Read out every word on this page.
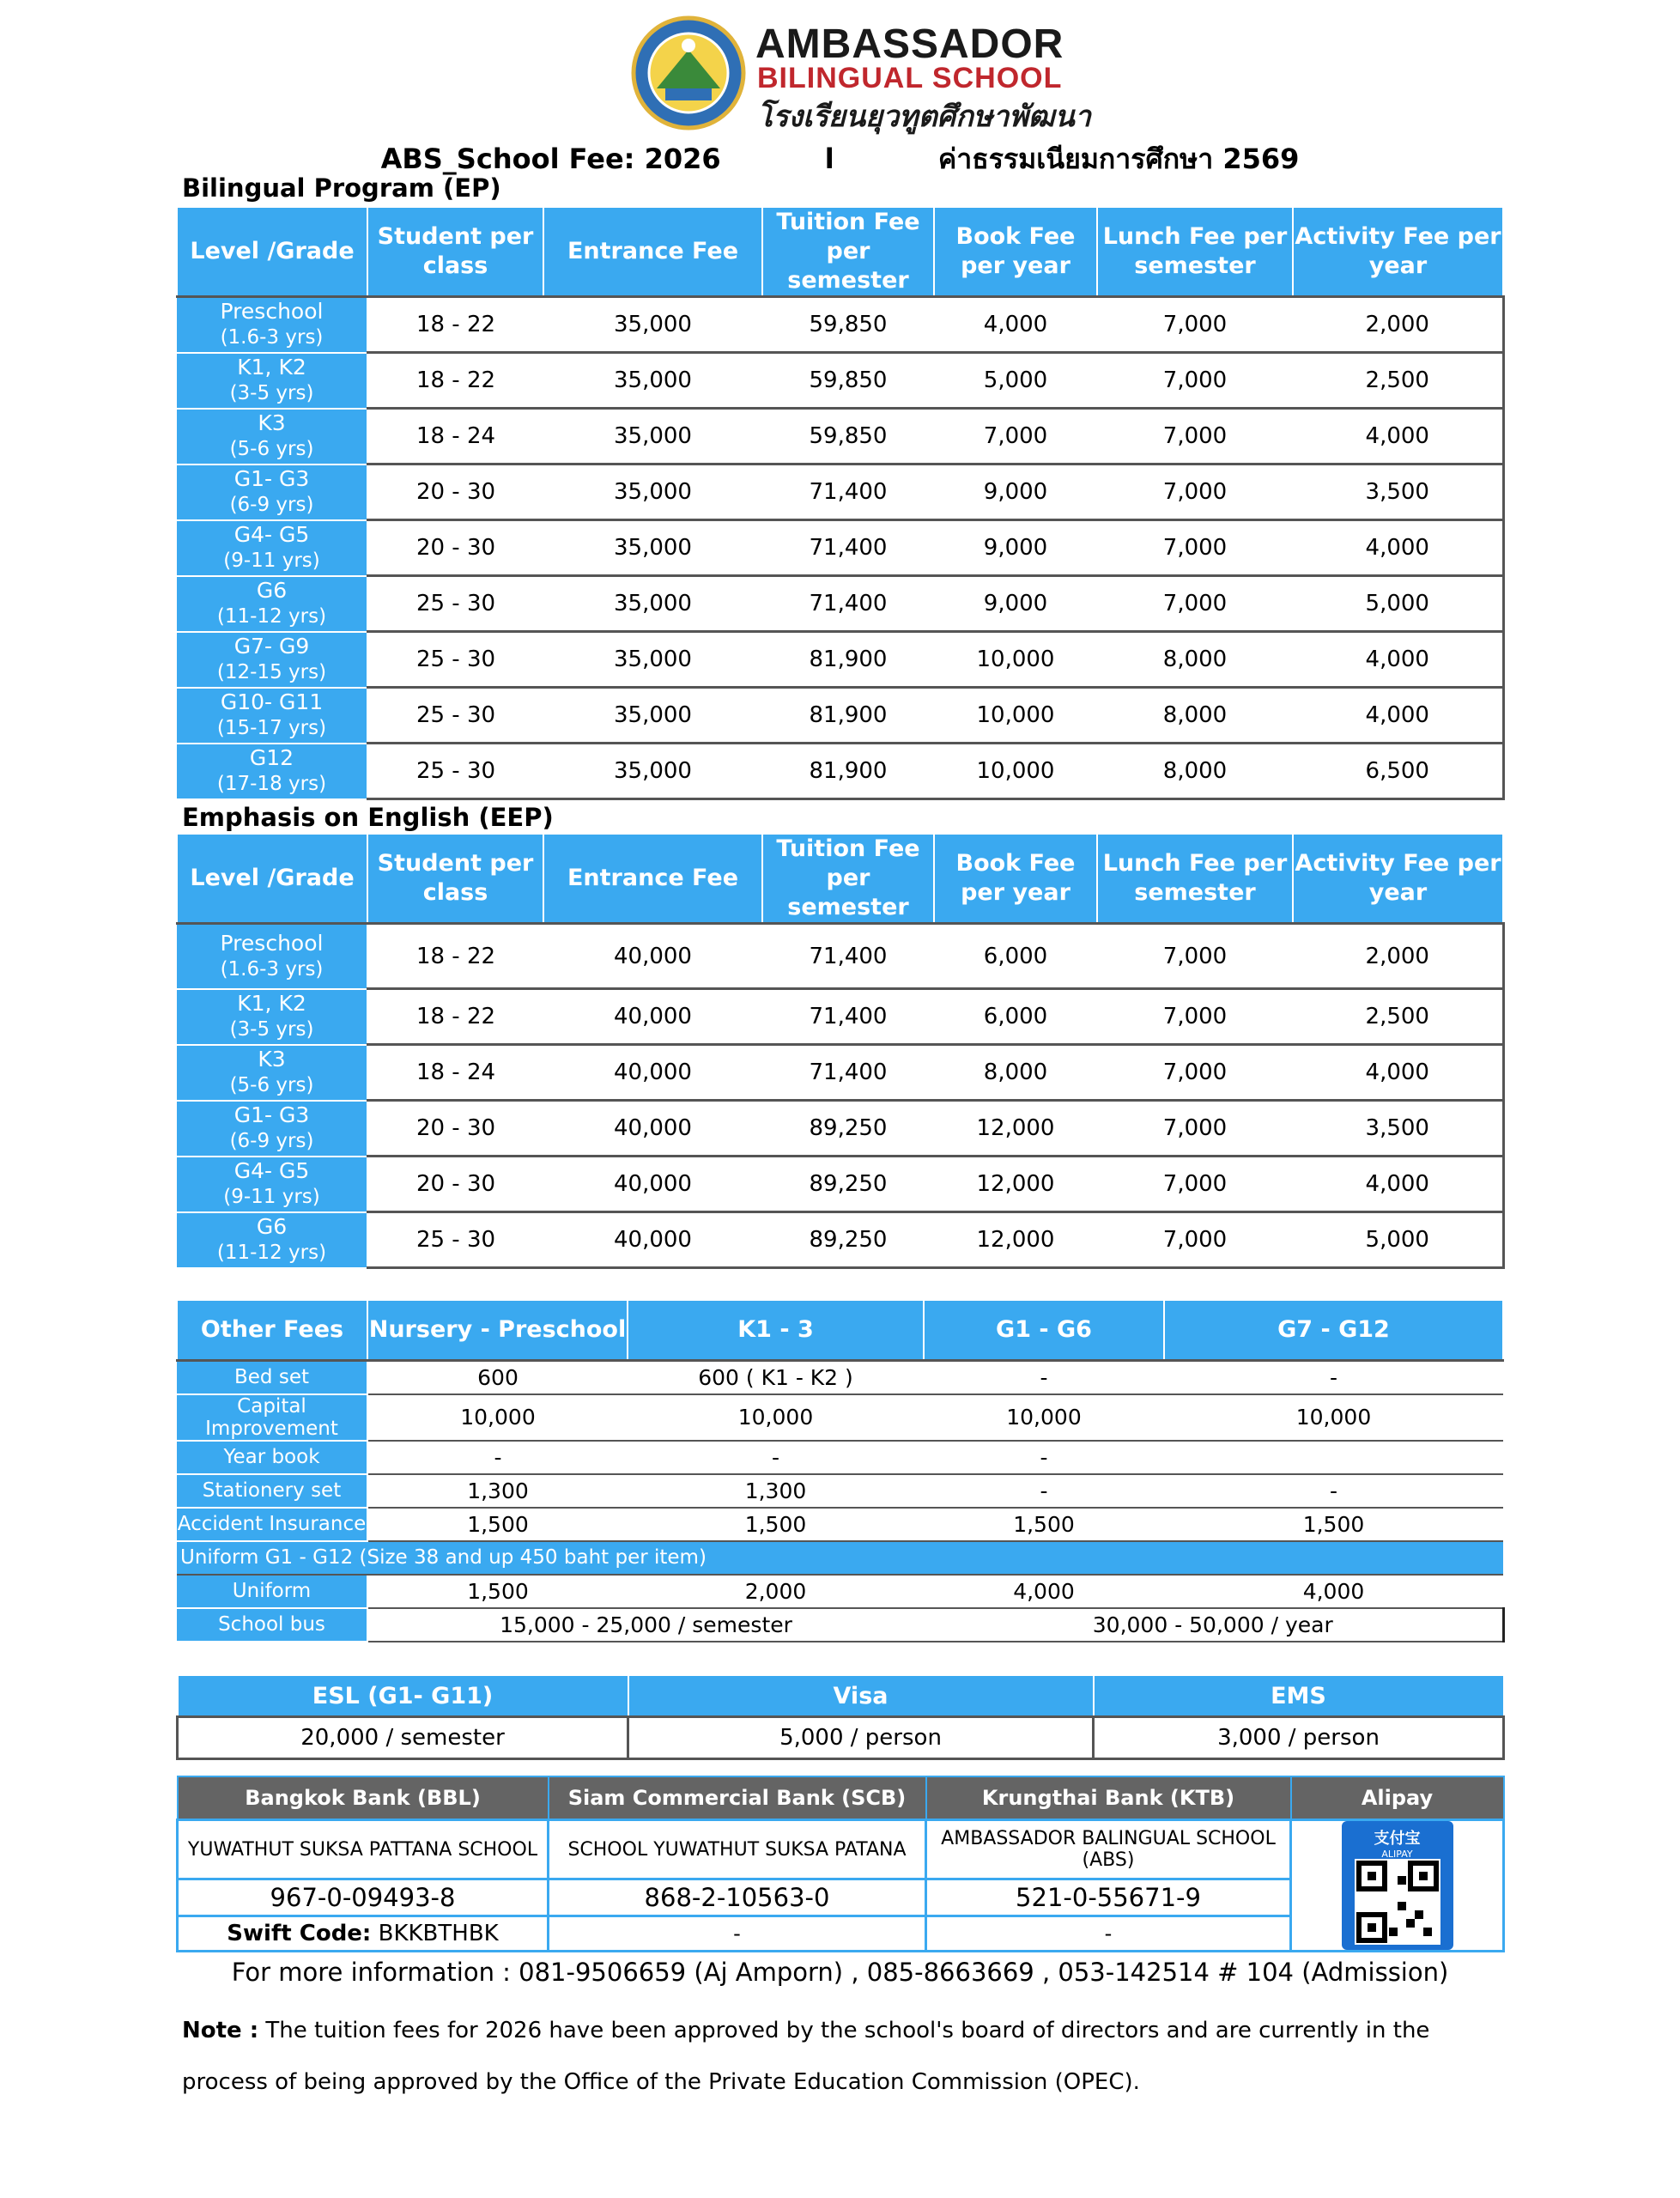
AMBASSADOR
BILINGUAL SCHOOL
โรงเรียนยุวทูตศึกษาพัฒนา
ABS_School Fee: 2026	l	ค่าธรรมเนียมการศึกษา 2569
Bilingual Program (EP)
Level /Grade	Student per class	Entrance Fee	Tuition Fee per semester	Book Fee per year	Lunch Fee per semester	Activity Fee per year

Preschool
(1.6-3 yrs)	18 - 22	35,000	59,850	4,000	7,000	2,000

K1, K2
(3-5 yrs)	18 - 22	35,000	59,850	5,000	7,000	2,500

K3
(5-6 yrs)	18 - 24	35,000	59,850	7,000	7,000	4,000

G1- G3
(6-9 yrs)	20 - 30	35,000	71,400	9,000	7,000	3,500

G4- G5
(9-11 yrs)	20 - 30	35,000	71,400	9,000	7,000	4,000

G6
(11-12 yrs)	25 - 30	35,000	71,400	9,000	7,000	5,000

G7- G9
(12-15 yrs)	25 - 30	35,000	81,900	10,000	8,000	4,000

G10- G11
(15-17 yrs)	25 - 30	35,000	81,900	10,000	8,000	4,000

G12
(17-18 yrs)	25 - 30	35,000	81,900	10,000	8,000	6,500
Emphasis on English (EEP)
Level /Grade	Student per class	Entrance Fee	Tuition Fee per semester	Book Fee per year	Lunch Fee per semester	Activity Fee per year

Preschool
(1.6-3 yrs)	18 - 22	40,000	71,400	6,000	7,000	2,000

K1, K2
(3-5 yrs)	18 - 22	40,000	71,400	6,000	7,000	2,500

K3
(5-6 yrs)	18 - 24	40,000	71,400	8,000	7,000	4,000

G1- G3
(6-9 yrs)	20 - 30	40,000	89,250	12,000	7,000	3,500

G4- G5
(9-11 yrs)	20 - 30	40,000	89,250	12,000	7,000	4,000

G6
(11-12 yrs)	25 - 30	40,000	89,250	12,000	7,000	5,000
Other Fees	Nursery - Preschool	K1 - 3	G1 - G6	G7 - G12
Bed set	600	600 ( K1 - K2 )	-	-
Capital Improvement	10,000	10,000	10,000	10,000
Year book	-	-	-	
Stationery set	1,300	1,300	-	-
Accident Insurance	1,500	1,500	1,500	1,500
Uniform G1 - G12 (Size 38 and up 450 baht per item)				
Uniform	1,500	2,000	4,000	4,000
School bus	15,000 - 25,000 / semester		30,000 - 50,000 / year	
ESL (G1- G11)	Visa	EMS
20,000 / semester	5,000 / person	3,000 / person
Bangkok Bank (BBL)	Siam Commercial Bank (SCB)	Krungthai Bank (KTB)	Alipay
YUWATHUT SUKSA PATTANA SCHOOL	SCHOOL YUWATHUT SUKSA PATANA	AMBASSADOR BALINGUAL SCHOOL (ABS)	支付宝
ALIPAY

967-0-09493-8	868-2-10563-0	521-0-55671-9	
Swift Code: BKKBTHBK	-	-	
For more information : 081-9506659 (Aj Amporn) , 085-8663669 , 053-142514 # 104 (Admission)
Note : The tuition fees for 2026 have been approved by the school's board of directors and are currently in the process of being approved by the Office of the Private Education Commission (OPEC).
